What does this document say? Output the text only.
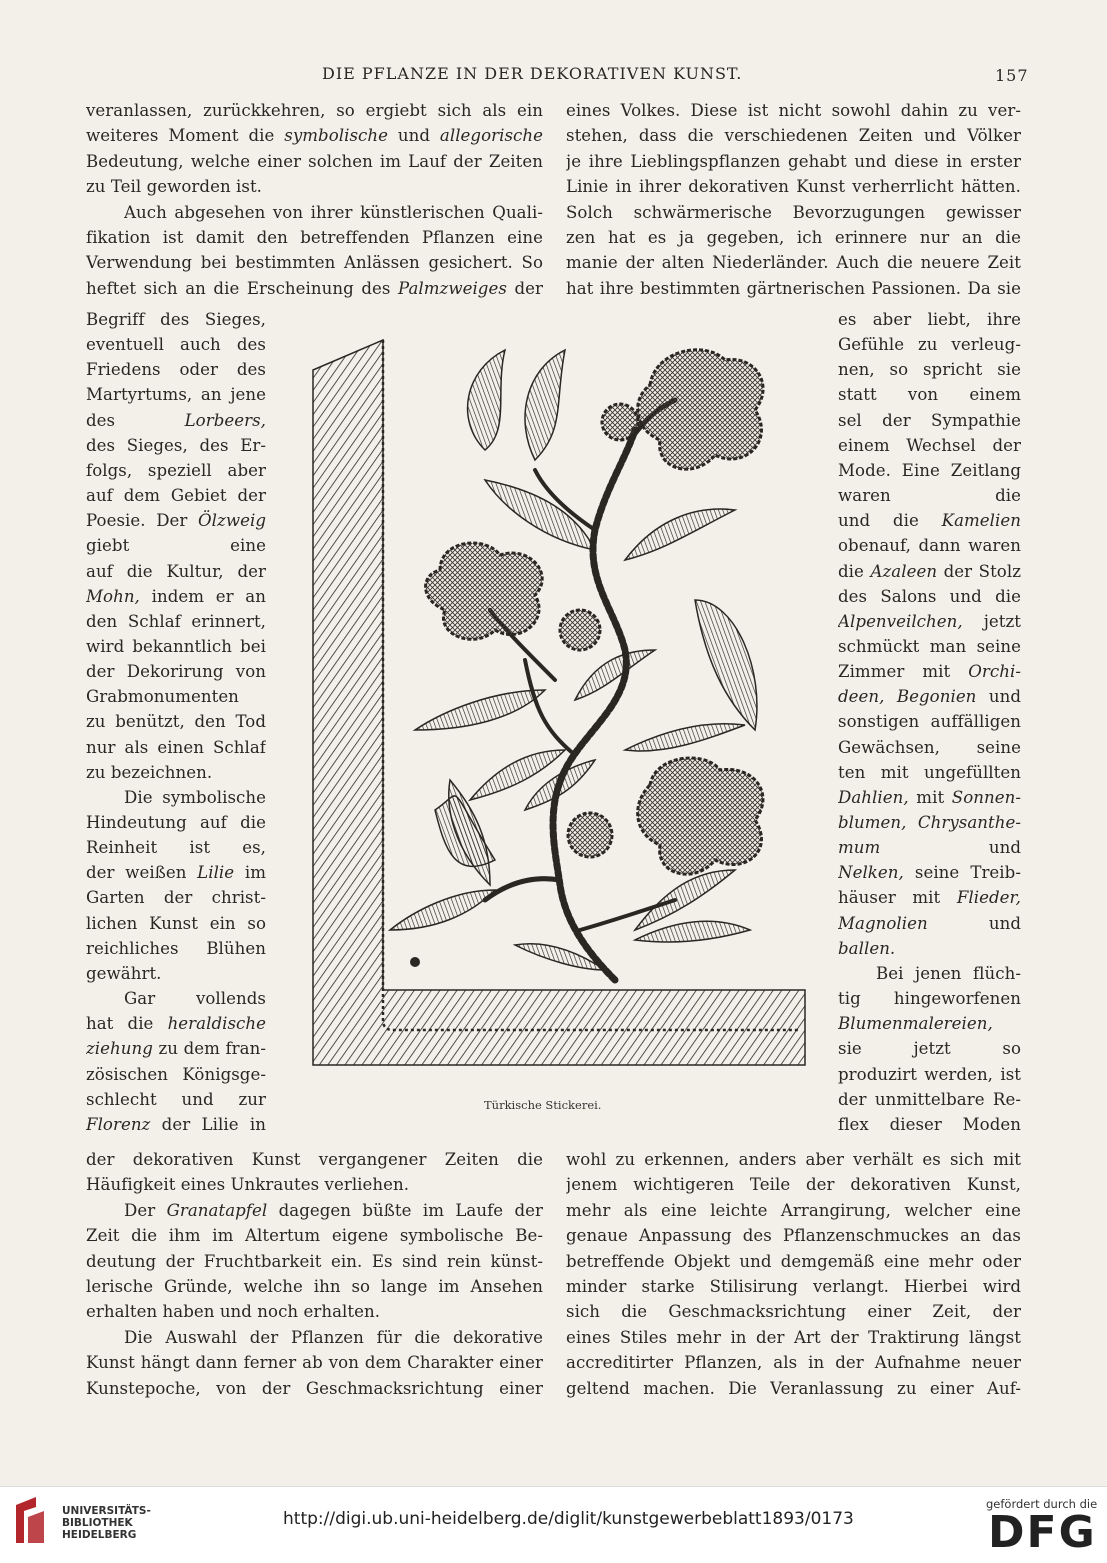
DIE PFLANZE IN DER DEKORATIVEN KUNST.	157
veranlassen, zurückkehren, so ergiebt sich als ein
weiteres Moment die symbolische und allegorische
Bedeutung, welche einer solchen im Lauf der Zeiten
zu Teil geworden ist.
Auch abgesehen von ihrer künstlerischen Quali-
fikation ist damit den betreffenden Pflanzen eine
Verwendung bei bestimmten Anlässen gesichert. So
heftet sich an die Erscheinung des Palmzweiges der
eines Volkes. Diese ist nicht sowohl dahin zu ver-
stehen, dass die verschiedenen Zeiten und Völker
je ihre Lieblingspflanzen gehabt und diese in erster
Linie in ihrer dekorativen Kunst verherrlicht hätten.
Solch schwärmerische Bevorzugungen gewisser
zen hat es ja gegeben, ich erinnere nur an die
manie der alten Niederländer. Auch die neuere Zeit
hat ihre bestimmten gärtnerischen Passionen. Da sie
Begriff des Sieges,
eventuell auch des
Friedens oder des
Martyrtums, an jene
des Lorbeers,
des Sieges, des Er-
folgs, speziell aber
auf dem Gebiet der
Poesie. Der Ölzweig
giebt eine
auf die Kultur, der
Mohn, indem er an
den Schlaf erinnert,
wird bekanntlich bei
der Dekorirung von
Grabmonumenten
zu benützt, den Tod
nur als einen Schlaf
zu bezeichnen.
Die symbolische
Hindeutung auf die
Reinheit ist es,
der weißen Lilie im
Garten der christ-
lichen Kunst ein so
reichliches Blühen
gewährt.
Gar vollends
hat die heraldische
ziehung zu dem fran-
zösischen Königsge-
schlecht und zur
Florenz der Lilie in
es aber liebt, ihre
Gefühle zu verleug-
nen, so spricht sie
statt von einem
sel der Sympathie
einem Wechsel der
Mode. Eine Zeitlang
waren die
und die Kamelien
obenauf, dann waren
die Azaleen der Stolz
des Salons und die
Alpenveilchen, jetzt
schmückt man seine
Zimmer mit Orchi-
deen, Begonien und
sonstigen auffälligen
Gewächsen, seine
ten mit ungefüllten
Dahlien, mit Sonnen-
blumen, Chrysanthe-
mum und
Nelken, seine Treib-
häuser mit Flieder,
Magnolien und
ballen.
Bei jenen flüch-
tig hingeworfenen
Blumenmalereien,
sie jetzt so
produzirt werden, ist
der unmittelbare Re-
flex dieser Moden
der dekorativen Kunst vergangener Zeiten die
Häufigkeit eines Unkrautes verliehen.
Der Granatapfel dagegen büßte im Laufe der
Zeit die ihm im Altertum eigene symbolische Be-
deutung der Fruchtbarkeit ein. Es sind rein künst-
lerische Gründe, welche ihn so lange im Ansehen
erhalten haben und noch erhalten.
Die Auswahl der Pflanzen für die dekorative
Kunst hängt dann ferner ab von dem Charakter einer
Kunstepoche, von der Geschmacksrichtung einer
wohl zu erkennen, anders aber verhält es sich mit
jenem wichtigeren Teile der dekorativen Kunst,
mehr als eine leichte Arrangirung, welcher eine
genaue Anpassung des Pflanzenschmuckes an das
betreffende Objekt und demgemäß eine mehr oder
minder starke Stilisirung verlangt. Hierbei wird
sich die Geschmacksrichtung einer Zeit, der
eines Stiles mehr in der Art der Traktirung längst
accreditirter Pflanzen, als in der Aufnahme neuer
geltend machen. Die Veranlassung zu einer Auf-
Türkische Stickerei.
UNIVERSITÄTS-
BIBLIOTHEK
HEIDELBERG
http://digi.ub.uni-heidelberg.de/diglit/kunstgewerbeblatt1893/0173
gefördert durch die
DFG
